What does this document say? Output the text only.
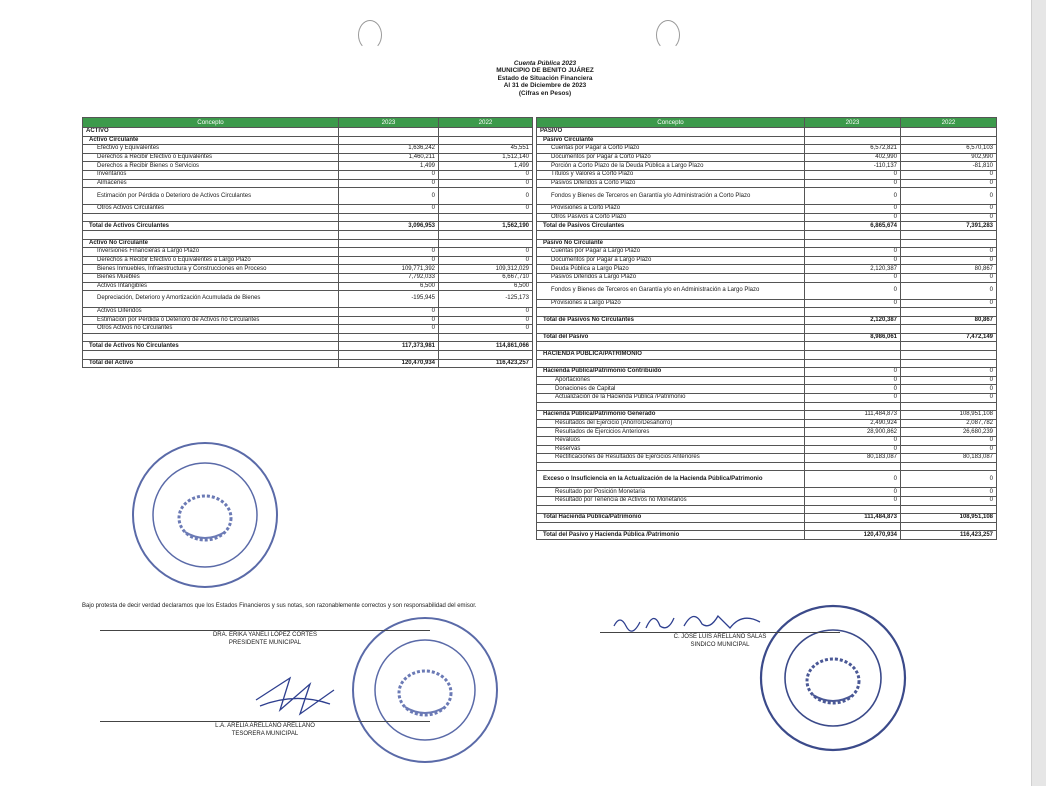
Cuenta Pública 2023
MUNICIPIO DE BENITO JUÁREZ
Estado de Situación Financiera
Al 31 de Diciembre de 2023
(Cifras en Pesos)
Concepto	2023	2022
ACTIVO		
Activo Circulante		
Efectivo y Equivalentes	1,636,242	45,551
Derechos a Recibir Efectivo o Equivalentes	1,460,211	1,512,140
Derechos a Recibir Bienes o Servicios	1,499	1,499
Inventarios	0	0
Almacenes	0	0
Estimación por Pérdida o Deterioro de Activos Circulantes	0	0
Otros Activos Circulantes	0	0

Total de Activos Circulantes	3,096,953	1,562,190

Activo No Circulante		
Inversiones Financieras a Largo Plazo	0	0
Derechos a Recibir Efectivo o Equivalentes a Largo Plazo	0	0
Bienes Inmuebles, Infraestructura y Construcciones en Proceso	109,771,392	109,312,029
Bienes Muebles	7,792,033	6,667,710
Activos Intangibles	6,500	6,500
Depreciación, Deterioro y Amortización Acumulada de Bienes	-195,945	-125,173
Activos Diferidos	0	0
Estimación por Pérdida o Deterioro de Activos no Circulantes	0	0
Otros Activos no Circulantes	0	0

Total de Activos No Circulantes	117,373,981	114,861,066

Total del Activo	120,470,934	116,423,257
Concepto	2023	2022
PASIVO		
Pasivo Circulante		
Cuentas por Pagar a Corto Plazo	6,572,821	6,570,103
Documentos por Pagar a Corto Plazo	402,990	902,990
Porción a Corto Plazo de la Deuda Pública a Largo Plazo	-110,137	-81,810
Títulos y Valores a Corto Plazo	0	0
Pasivos Diferidos a Corto Plazo	0	0
Fondos y Bienes de Terceros en Garantía y/o Administración a Corto Plazo	0	0
Provisiones a Corto Plazo	0	0
Otros Pasivos a Corto Plazo	0	0
Total de Pasivos Circulantes	6,865,674	7,391,283

Pasivo No Circulante		
Cuentas por Pagar a Largo Plazo	0	0
Documentos por Pagar a Largo Plazo	0	0
Deuda Pública a Largo Plazo	2,120,387	80,867
Pasivos Diferidos a Largo Plazo	0	0
Fondos y Bienes de Terceros en Garantía y/o en Administración a Largo Plazo	0	0
Provisiones a Largo Plazo	0	0

Total de Pasivos No Circulantes	2,120,387	80,867

Total del Pasivo	8,986,061	7,472,149

HACIENDA PÚBLICA/PATRIMONIO		

Hacienda Pública/Patrimonio Contribuido	0	0
Aportaciones	0	0
Donaciones de Capital	0	0
Actualización de la Hacienda Pública /Patrimonio	0	0

Hacienda Pública/Patrimonio Generado	111,484,873	108,951,108
Resultados del Ejercicio (Ahorro/Desahorro)	2,490,924	2,087,782
Resultados de Ejercicios Anteriores	28,900,862	26,680,239
Revalúos	0	0
Reservas	0	0
Rectificaciones de Resultados de Ejercicios Anteriores	80,183,087	80,183,087

Exceso o Insuficiencia en la Actualización de la Hacienda Pública/Patrimonio	0	0
Resultado por Posición Monetaria	0	0
Resultado por Tenencia de Activos no Monetarios	0	0

Total Hacienda Pública/Patrimonio	111,484,873	108,951,108

Total del Pasivo y Hacienda Pública /Patrimonio	120,470,934	116,423,257
Bajo protesta de decir verdad declaramos que los Estados Financieros y sus notas, son razonablemente correctos y son responsabilidad del emisor.
DRA. ERIKA YANELI LÓPEZ CORTES
PRESIDENTE MUNICIPAL
C. JOSE LUIS ARELLANO SALAS
SINDICO MUNICIPAL
L.A. ARELIA ARELLANO ARELLANO
TESORERA MUNICIPAL
